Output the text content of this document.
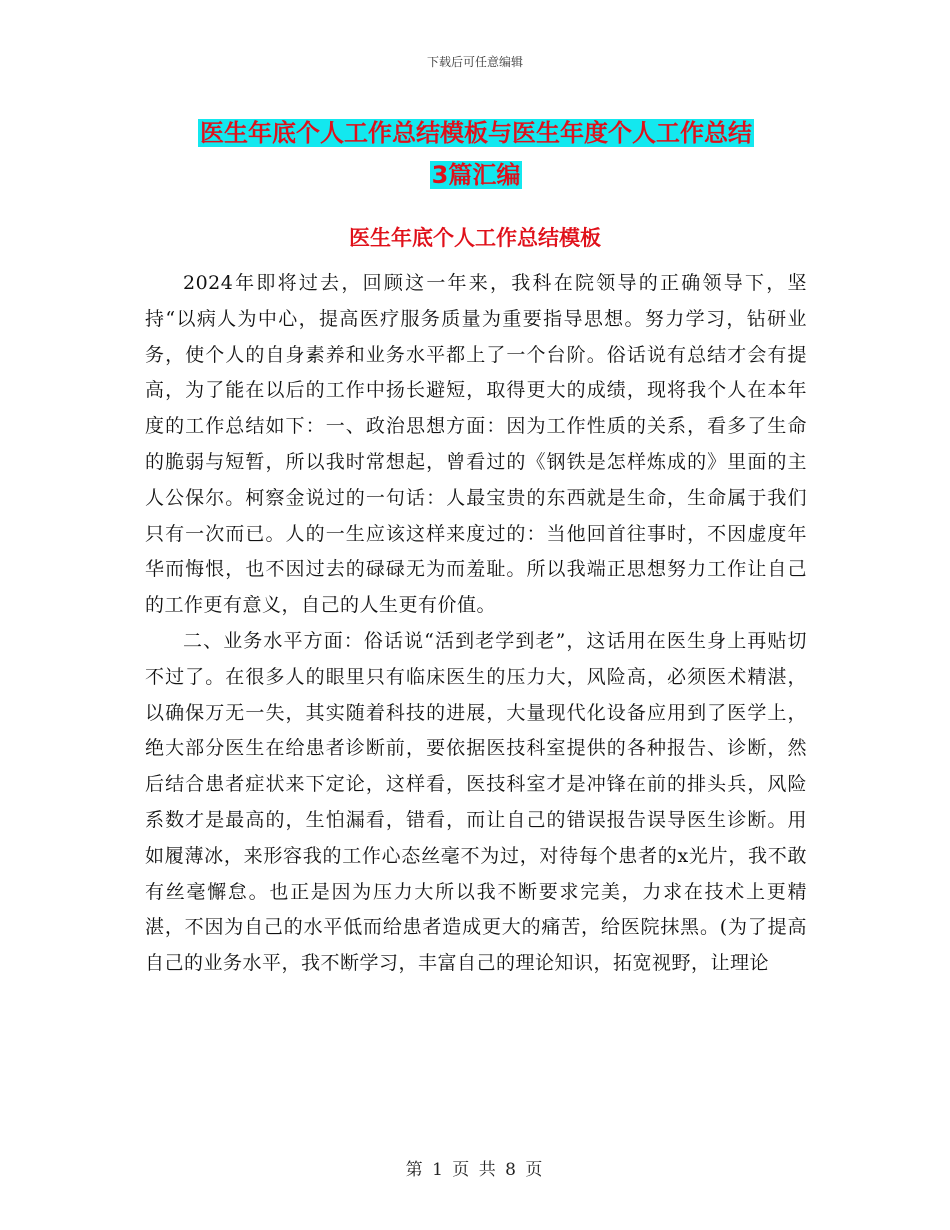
下载后可任意编辑
医生年底个人工作总结模板与医生年度个人工作总结
3篇汇编
医生年底个人工作总结模板

2024年即将过去，回顾这一年来，我科在院领导的正确领导下，坚持“以病人为中心，提高医疗服务质量为重要指导思想。努力学习，钻研业务，使个人的自身素养和业务水平都上了一个台阶。俗话说有总结才会有提高，为了能在以后的工作中扬长避短，取得更大的成绩，现将我个人在本年度的工作总结如下：一、政治思想方面：因为工作性质的关系，看多了生命的脆弱与短暂，所以我时常想起，曾看过的《钢铁是怎样炼成的》里面的主人公保尔。柯察金说过的一句话：人最宝贵的东西就是生命，生命属于我们只有一次而已。人的一生应该这样来度过的：当他回首往事时，不因虚度年华而悔恨，也不因过去的碌碌无为而羞耻。所以我端正思想努力工作让自己的工作更有意义，自己的人生更有价值。

二、业务水平方面：俗话说“活到老学到老”，这话用在医生身上再贴切不过了。在很多人的眼里只有临床医生的压力大，风险高，必须医术精湛，以确保万无一失，其实随着科技的进展，大量现代化设备应用到了医学上，绝大部分医生在给患者诊断前，要依据医技科室提供的各种报告、诊断，然后结合患者症状来下定论，这样看，医技科室才是冲锋在前的排头兵，风险系数才是最高的，生怕漏看，错看，而让自己的错误报告误导医生诊断。用如履薄冰，来形容我的工作心态丝毫不为过，对待每个患者的x光片，我不敢有丝毫懈怠。也正是因为压力大所以我不断要求完美，力求在技术上更精湛，不因为自己的水平低而给患者造成更大的痛苦，给医院抹黑。(为了提高自己的业务水平，我不断学习，丰富自己的理论知识，拓宽视野，让理论

第 1 页 共 8 页
